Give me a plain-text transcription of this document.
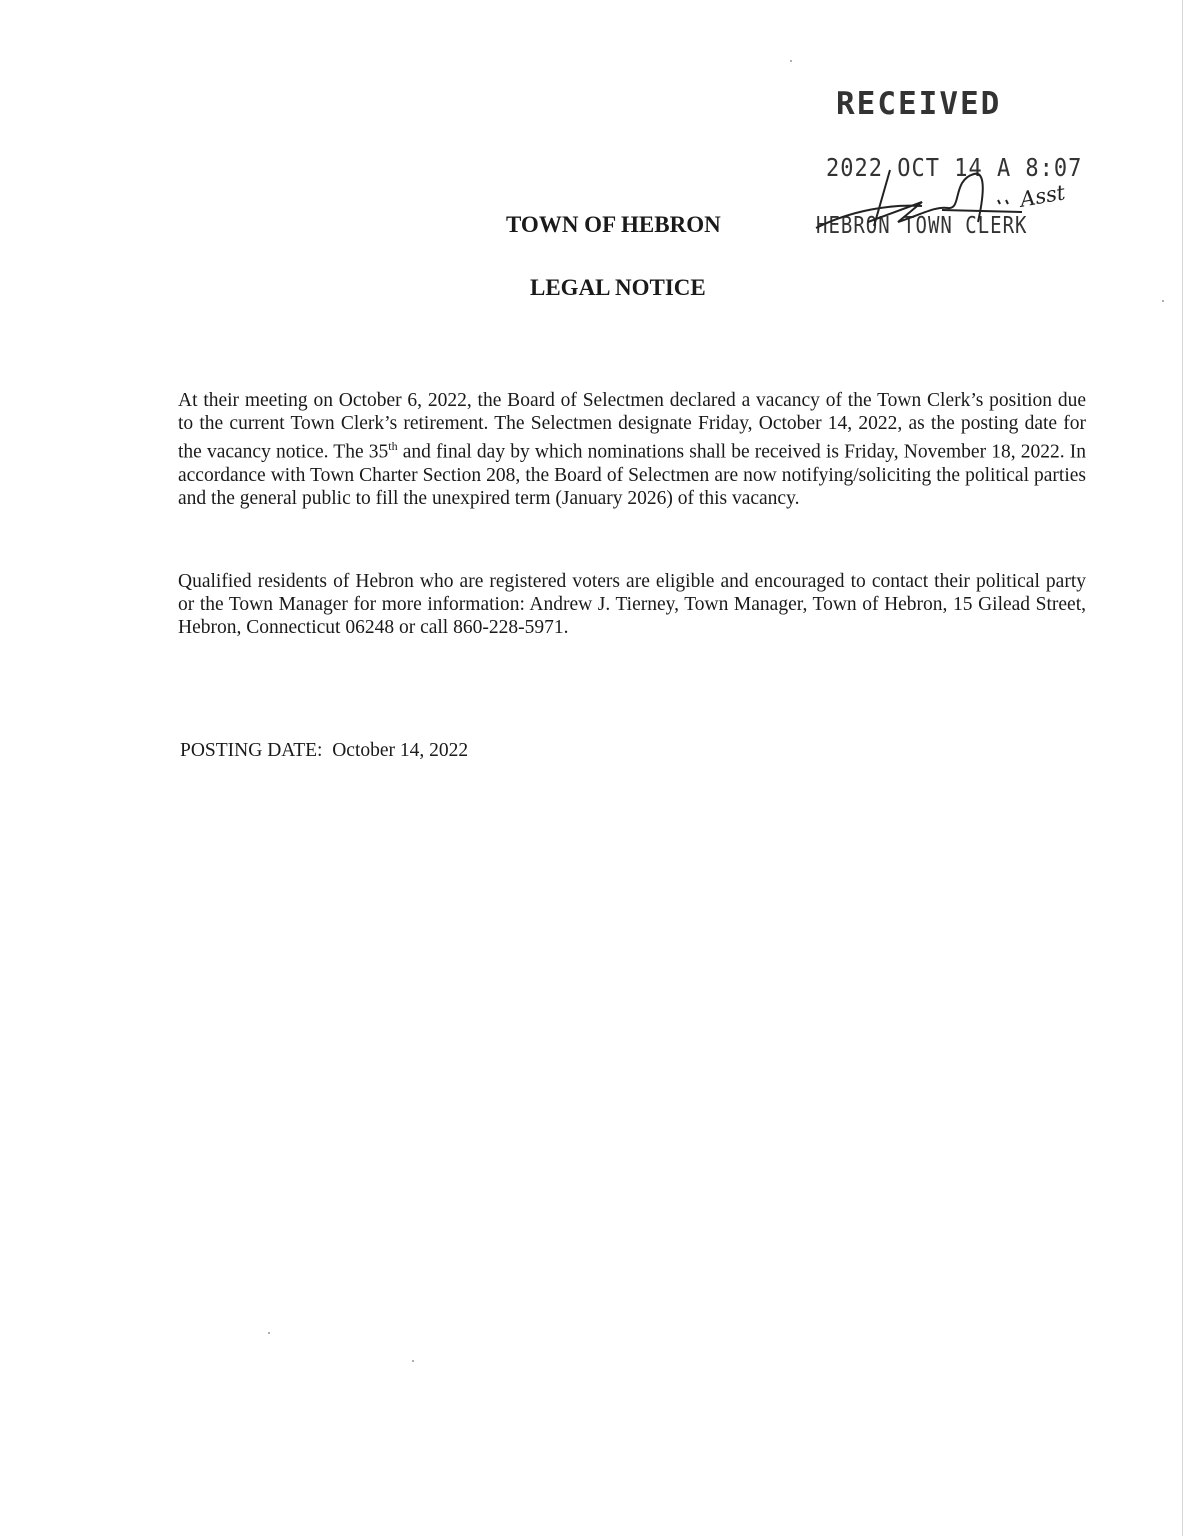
RECEIVED
2022 OCT 14 A 8:07
HEBRON TOWN CLERK
Asst
TOWN OF HEBRON
LEGAL NOTICE
At their meeting on October 6, 2022, the Board of Selectmen declared a vacancy of the Town Clerk’s position due to the current Town Clerk’s retirement. The Selectmen designate Friday, October 14, 2022, as the posting date for the vacancy notice. The 35th and final day by which nominations shall be received is Friday, November 18, 2022. In accordance with Town Charter Section 208, the Board of Selectmen are now notifying/soliciting the political parties and the general public to fill the unexpired term (January 2026) of this vacancy.
Qualified residents of Hebron who are registered voters are eligible and encouraged to contact their political party or the Town Manager for more information: Andrew J. Tierney, Town Manager, Town of Hebron, 15 Gilead Street, Hebron, Connecticut 06248 or call 860-228-5971.
POSTING DATE: October 14, 2022
